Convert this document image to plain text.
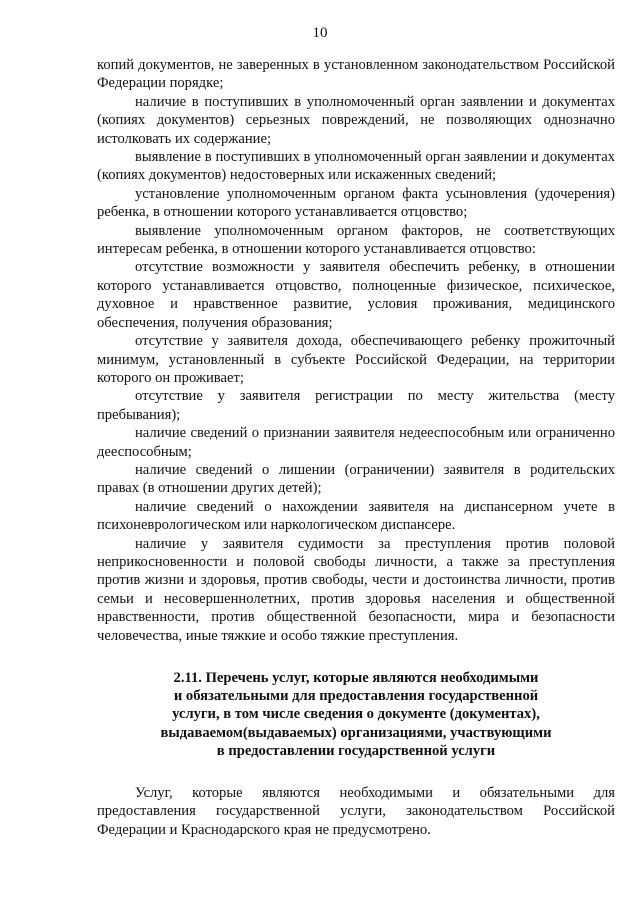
10

копий документов, не заверенных в установленном законодательством Российской Федерации порядке;

наличие в поступивших в уполномоченный орган заявлении и документах (копиях документов) серьезных повреждений, не позволяющих однозначно истолковать их содержание;

выявление в поступивших в уполномоченный орган заявлении и документах (копиях документов) недостоверных или искаженных сведений;

установление уполномоченным органом факта усыновления (удочерения) ребенка, в отношении которого устанавливается отцовство;

выявление уполномоченным органом факторов, не соответствующих интересам ребенка, в отношении которого устанавливается отцовство:

отсутствие возможности у заявителя обеспечить ребенку, в отношении которого устанавливается отцовство, полноценные физическое, психическое, духовное и нравственное развитие, условия проживания, медицинского обеспечения, получения образования;

отсутствие у заявителя дохода, обеспечивающего ребенку прожиточный минимум, установленный в субъекте Российской Федерации, на территории которого он проживает;

отсутствие у заявителя регистрации по месту жительства (месту пребывания);

наличие сведений о признании заявителя недееспособным или ограниченно дееспособным;

наличие сведений о лишении (ограничении) заявителя в родительских правах (в отношении других детей);

наличие сведений о нахождении заявителя на диспансерном учете в психоневрологическом или наркологическом диспансере.

наличие у заявителя судимости за преступления против половой неприкосновенности и половой свободы личности, а также за преступления против жизни и здоровья, против свободы, чести и достоинства личности, против семьи и несовершеннолетних, против здоровья населения и общественной нравственности, против общественной безопасности, мира и безопасности человечества, иные тяжкие и особо тяжкие преступления.

2.11. Перечень услуг, которые являются необходимыми
и обязательными для предоставления государственной
услуги, в том числе сведения о документе (документах),
выдаваемом(выдаваемых) организациями, участвующими
в предоставлении государственной услуги

Услуг, которые являются необходимыми и обязательными для предоставления государственной услуги, законодательством Российской Федерации и Краснодарского края не предусмотрено.
